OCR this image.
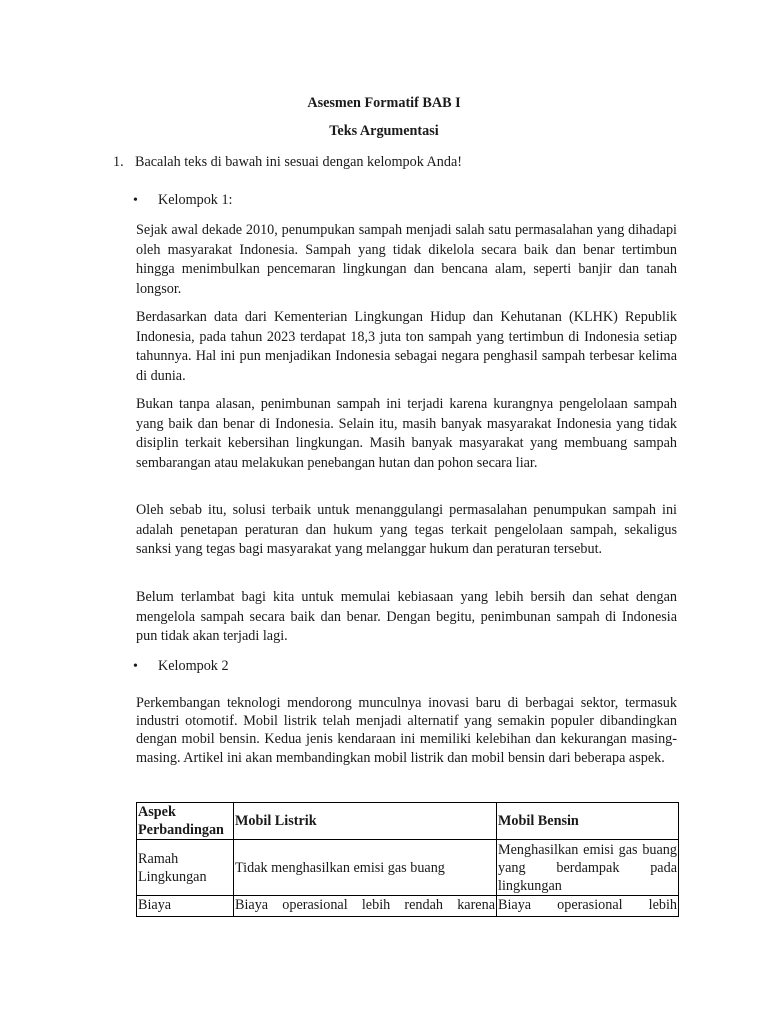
Asesmen Formatif BAB I
Teks Argumentasi
1. Bacalah teks di bawah ini sesuai dengan kelompok Anda!
• Kelompok 1:

Sejak awal dekade 2010, penumpukan sampah menjadi salah satu permasalahan yang dihadapi oleh masyarakat Indonesia. Sampah yang tidak dikelola secara baik dan benar tertimbun hingga menimbulkan pencemaran lingkungan dan bencana alam, seperti banjir dan tanah longsor.

Berdasarkan data dari Kementerian Lingkungan Hidup dan Kehutanan (KLHK) Republik Indonesia, pada tahun 2023 terdapat 18,3 juta ton sampah yang tertimbun di Indonesia setiap tahunnya. Hal ini pun menjadikan Indonesia sebagai negara penghasil sampah terbesar kelima di dunia.

Bukan tanpa alasan, penimbunan sampah ini terjadi karena kurangnya pengelolaan sampah yang baik dan benar di Indonesia. Selain itu, masih banyak masyarakat Indonesia yang tidak disiplin terkait kebersihan lingkungan. Masih banyak masyarakat yang membuang sampah sembarangan atau melakukan penebangan hutan dan pohon secara liar.

Oleh sebab itu, solusi terbaik untuk menanggulangi permasalahan penumpukan sampah ini adalah penetapan peraturan dan hukum yang tegas terkait pengelolaan sampah, sekaligus sanksi yang tegas bagi masyarakat yang melanggar hukum dan peraturan tersebut.

Belum terlambat bagi kita untuk memulai kebiasaan yang lebih bersih dan sehat dengan mengelola sampah secara baik dan benar. Dengan begitu, penimbunan sampah di Indonesia pun tidak akan terjadi lagi.

• Kelompok 2

Perkembangan teknologi mendorong munculnya inovasi baru di berbagai sektor, termasuk industri otomotif. Mobil listrik telah menjadi alternatif yang semakin populer dibandingkan dengan mobil bensin. Kedua jenis kendaraan ini memiliki kelebihan dan kekurangan masing-masing. Artikel ini akan membandingkan mobil listrik dan mobil bensin dari beberapa aspek.

Aspek Perbandingan	Mobil Listrik	Mobil Bensin
Ramah Lingkungan	Tidak menghasilkan emisi gas buang	Menghasilkan emisi gas buang yang berdampak pada lingkungan
Biaya	Biaya operasional lebih rendah karena	Biaya operasional lebih
